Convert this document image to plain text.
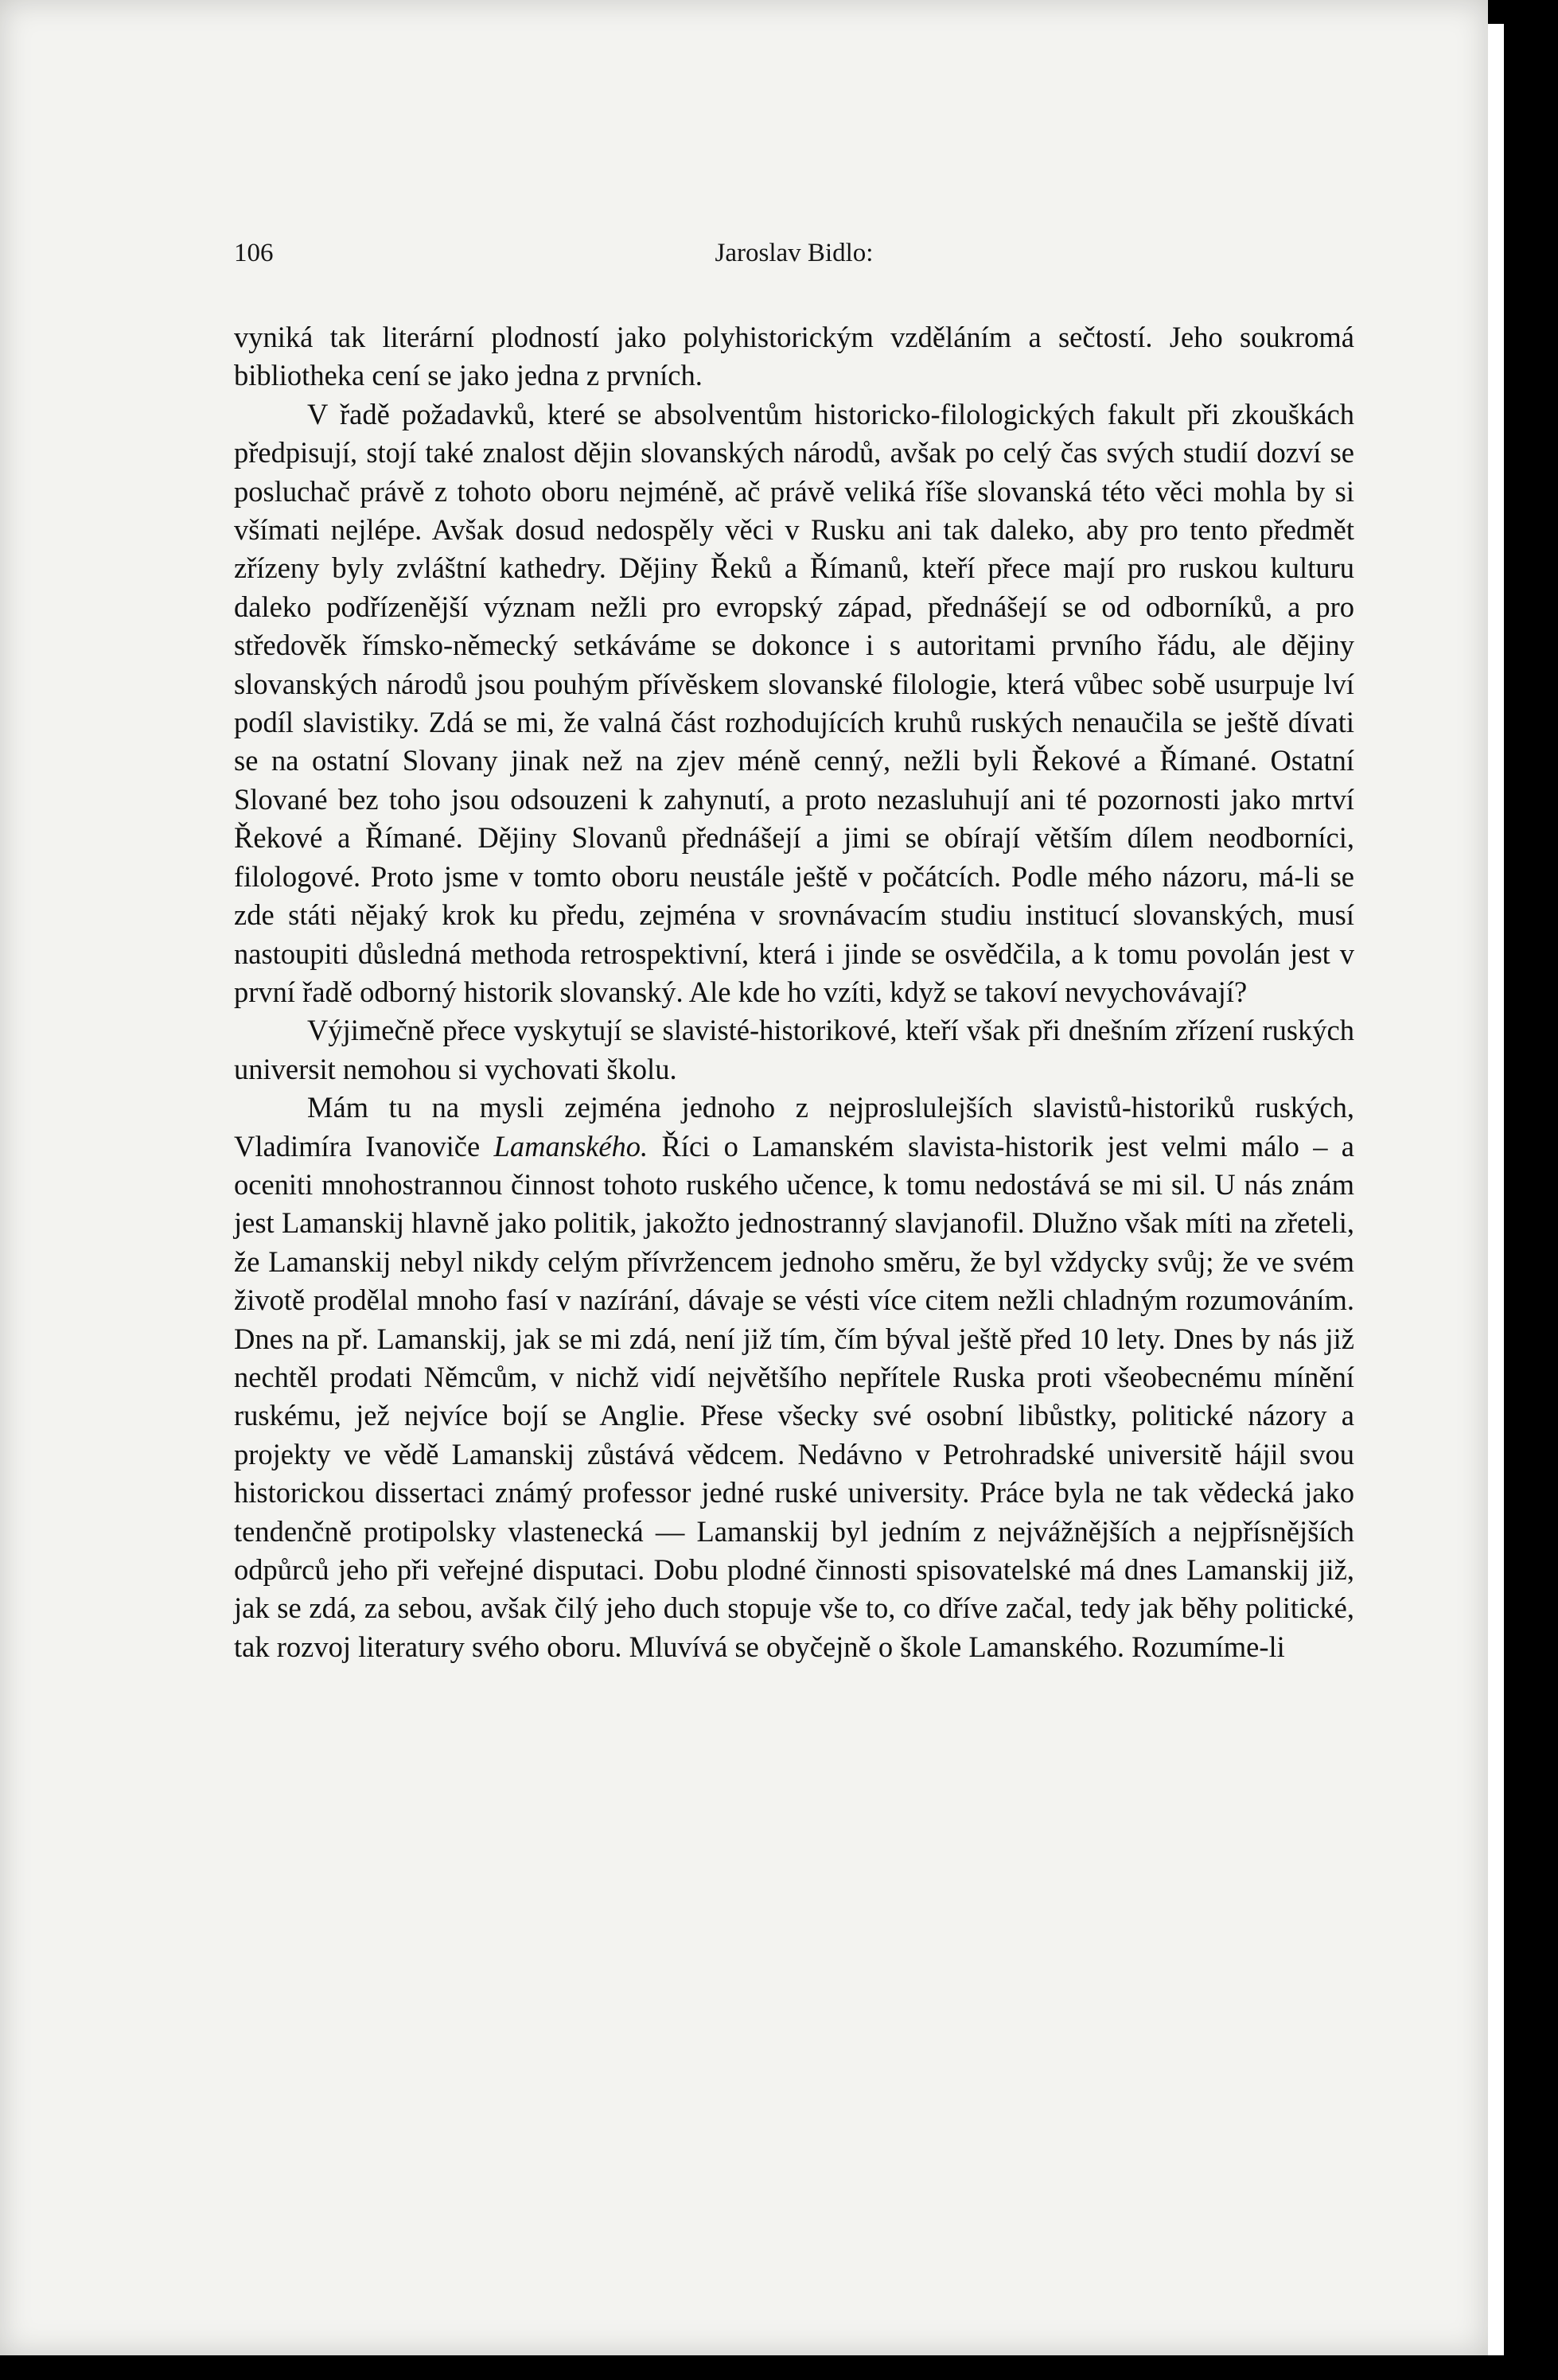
106	Jaroslav Bidlo:

vyniká tak literární plodností jako polyhistorickým vzděláním a sečtostí. Jeho soukromá bibliotheka cení se jako jedna z prvních.

V řadě požadavků, které se absolventům historicko-filologických fakult při zkouškách předpisují, stojí také znalost dějin slovanských národů, avšak po celý čas svých studií dozví se posluchač právě z tohoto oboru nejméně, ač právě veliká říše slovanská této věci mohla by si všímati nejlépe. Avšak dosud nedospěly věci v Rusku ani tak daleko, aby pro tento předmět zřízeny byly zvláštní kathedry. Dějiny Řeků a Římanů, kteří přece mají pro ruskou kulturu daleko podřízenější význam nežli pro evropský západ, přednášejí se od odborníků, a pro středověk římsko-německý setkáváme se dokonce i s autoritami prvního řádu, ale dějiny slovanských národů jsou pouhým přívěskem slovanské filologie, která vůbec sobě usurpuje lví podíl slavistiky. Zdá se mi, že valná část rozhodujících kruhů ruských nenaučila se ještě dívati se na ostatní Slovany jinak než na zjev méně cenný, nežli byli Řekové a Římané. Ostatní Slované bez toho jsou odsouzeni k zahynutí, a proto nezasluhují ani té pozornosti jako mrtví Řekové a Římané. Dějiny Slovanů přednášejí a jimi se obírají větším dílem neodborníci, filologové. Proto jsme v tomto oboru neustále ještě v počátcích. Podle mého názoru, má-li se zde státi nějaký krok ku předu, zejména v srovnávacím studiu institucí slovanských, musí nastoupiti důsledná methoda retrospektivní, která i jinde se osvědčila, a k tomu povolán jest v první řadě odborný historik slovanský. Ale kde ho vzíti, když se takoví nevychovávají?

Výjimečně přece vyskytují se slavisté-historikové, kteří však při dnešním zřízení ruských universit nemohou si vychovati školu.

Mám tu na mysli zejména jednoho z nejproslulejších slavistů-historiků ruských, Vladimíra Ivanoviče Lamanského. Říci o Lamanském slavista-historik jest velmi málo – a oceniti mnohostrannou činnost tohoto ruského učence, k tomu nedostává se mi sil. U nás znám jest Lamanskij hlavně jako politik, jakožto jednostranný slavjanofil. Dlužno však míti na zřeteli, že Lamanskij nebyl nikdy celým přívržencem jednoho směru, že byl vždycky svůj; že ve svém životě prodělal mnoho fasí v nazírání, dávaje se vésti více citem nežli chladným rozumováním. Dnes na př. Lamanskij, jak se mi zdá, není již tím, čím býval ještě před 10 lety. Dnes by nás již nechtěl prodati Němcům, v nichž vidí největšího nepřítele Ruska proti všeobecnému mínění ruskému, jež nejvíce bojí se Anglie. Přese všecky své osobní libůstky, politické názory a projekty ve vědě Lamanskij zůstává vědcem. Nedávno v Petrohradské universitě hájil svou historickou dissertaci známý professor jedné ruské university. Práce byla ne tak vědecká jako tendenčně protipolsky vlastenecká — Lamanskij byl jedním z nejvážnějších a nejpřísnějších odpůrců jeho při veřejné disputaci. Dobu plodné činnosti spisovatelské má dnes Lamanskij již, jak se zdá, za sebou, avšak čilý jeho duch stopuje vše to, co dříve začal, tedy jak běhy politické, tak rozvoj literatury svého oboru. Mluvívá se obyčejně o škole Lamanského. Rozumíme-li
